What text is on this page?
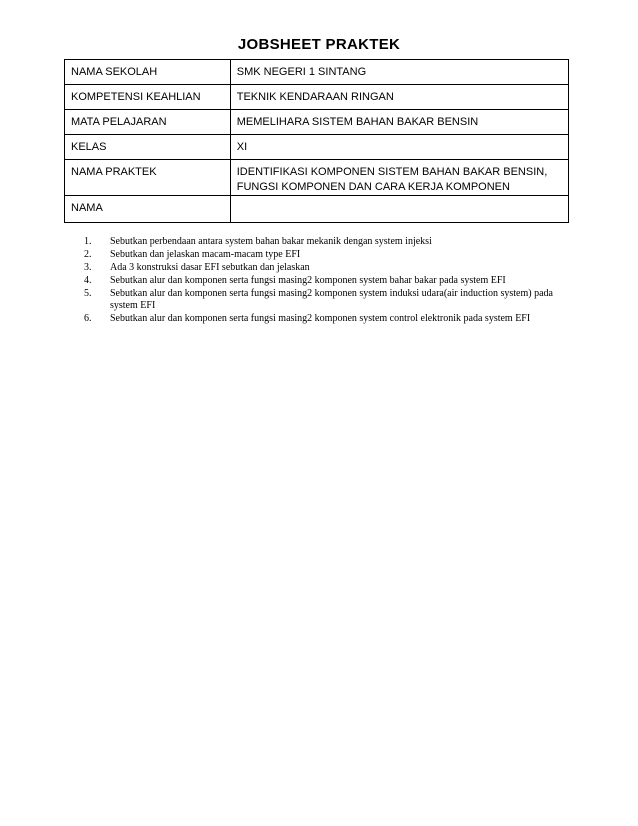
JOBSHEET PRAKTEK
NAMA SEKOLAH	SMK NEGERI 1 SINTANG
KOMPETENSI KEAHLIAN	TEKNIK KENDARAAN RINGAN
MATA PELAJARAN	MEMELIHARA SISTEM BAHAN BAKAR BENSIN
KELAS	XI
NAMA PRAKTEK	IDENTIFIKASI KOMPONEN SISTEM BAHAN BAKAR BENSIN,
FUNGSI KOMPONEN DAN CARA KERJA KOMPONEN

NAMA	
1.	Sebutkan perbendaan antara system bahan bakar mekanik dengan system injeksi
2.	Sebutkan dan jelaskan macam-macam type EFI
3.	Ada 3 konstruksi dasar EFI sebutkan dan jelaskan
4.	Sebutkan alur dan komponen serta fungsi masing2 komponen system bahar bakar pada system EFI
5.	Sebutkan alur dan komponen serta fungsi masing2 komponen system induksi udara(air induction system) pada system EFI
6.	Sebutkan alur dan komponen serta fungsi masing2 komponen system control elektronik pada system EFI
